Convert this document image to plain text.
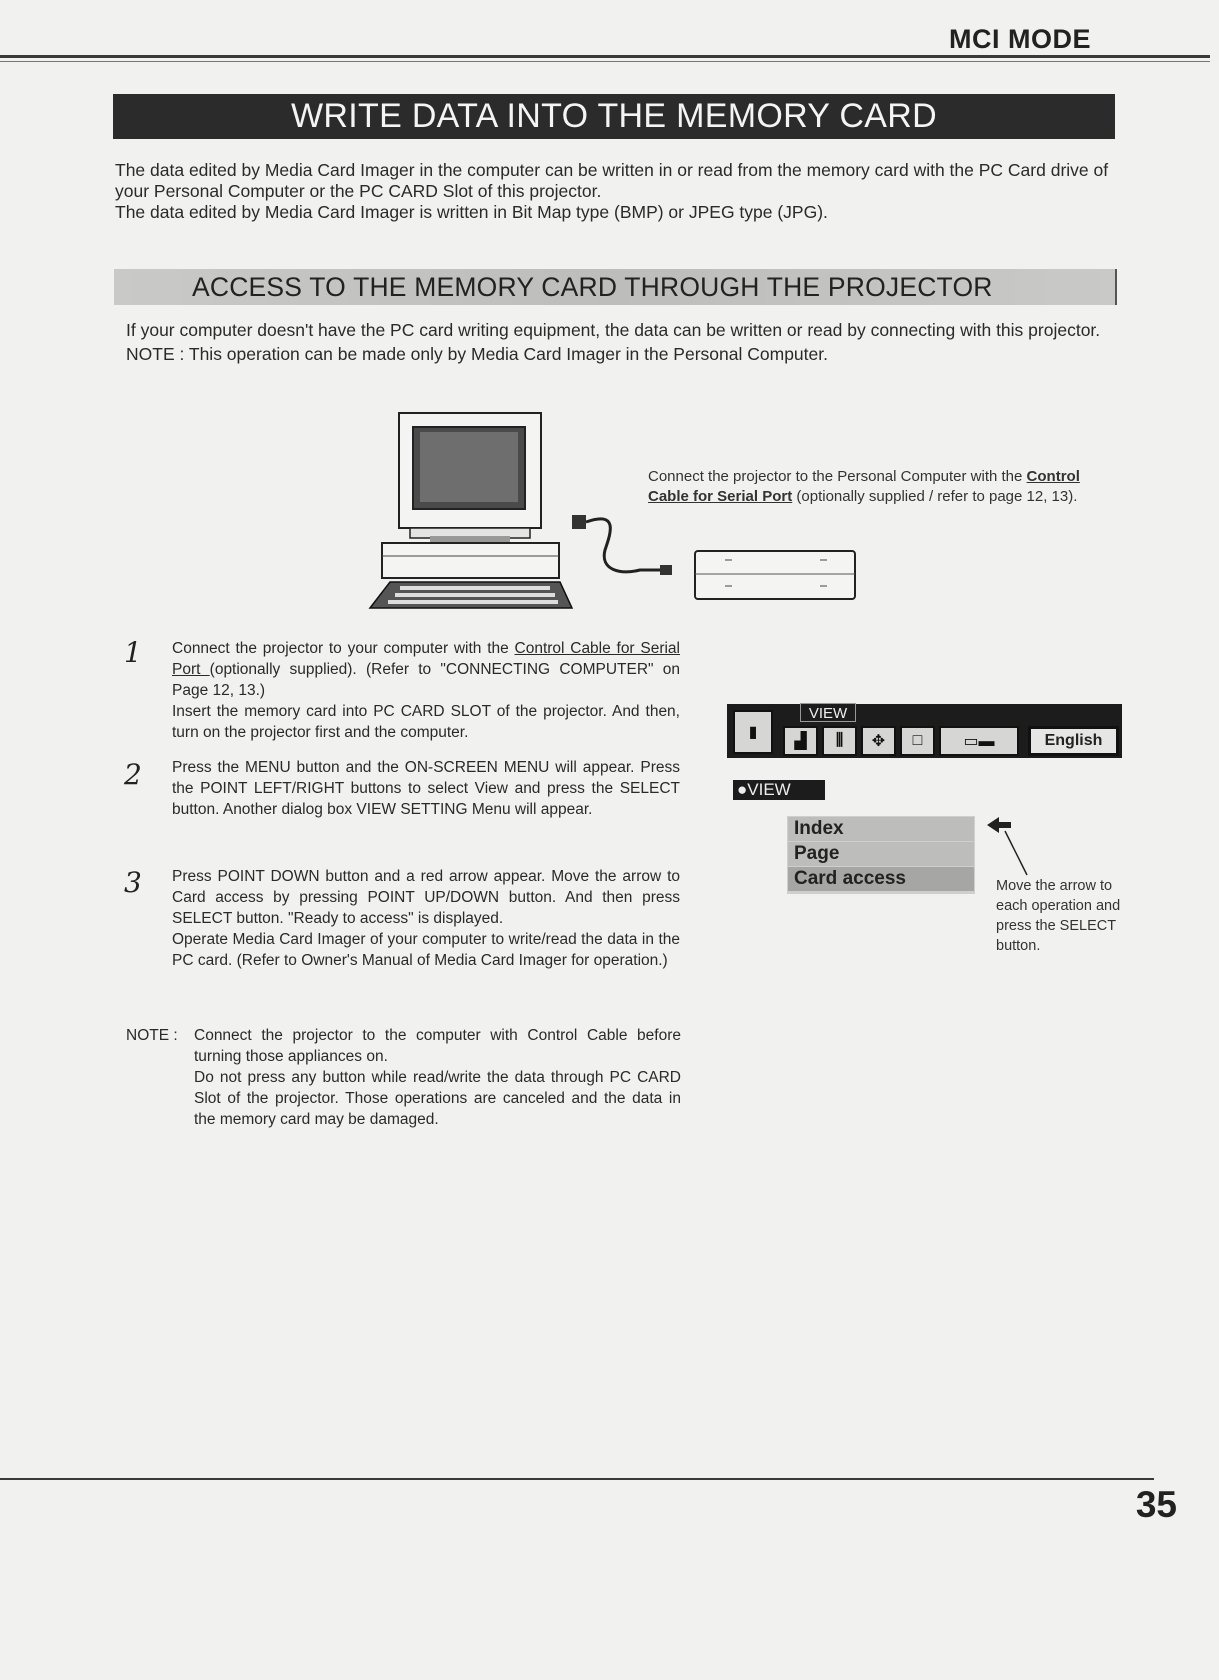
MCI MODE
WRITE DATA INTO THE MEMORY CARD

The data edited by Media Card Imager in the computer can be written in or read from the memory card with the PC Card drive of your Personal Computer or the PC CARD Slot of this projector.

The data edited by Media Card Imager is written in Bit Map type (BMP) or JPEG type (JPG).

ACCESS TO THE MEMORY CARD THROUGH THE PROJECTOR

If your computer doesn't have the PC card writing equipment, the data can be written or read by connecting with this projector.

NOTE : This operation can be made only by Media Card Imager in the Personal Computer.

Connect the projector to the Personal Computer with the Control Cable for Serial Port (optionally supplied / refer to page 12, 13).
1 Connect the projector to your computer with the Control Cable for Serial Port (optionally supplied). (Refer to "CONNECTING COMPUTER" on Page 12, 13.)

Insert the memory card into PC CARD SLOT of the projector. And then, turn on the projector first and the computer.

2 Press the MENU button and the ON-SCREEN MENU will appear. Press the POINT LEFT/RIGHT buttons to select View and press the SELECT button. Another dialog box VIEW SETTING Menu will appear.

3 Press POINT DOWN button and a red arrow appear. Move the arrow to Card access by pressing POINT UP/DOWN button. And then press SELECT button. "Ready to access" is displayed.

Operate Media Card Imager of your computer to write/read the data in the PC card. (Refer to Owner's Manual of Media Card Imager for operation.)

NOTE : Connect the projector to the computer with Control Cable before turning those appliances on.

Do not press any button while read/write the data through PC CARD Slot of the projector. Those operations are canceled and the data in the memory card may be damaged.

VIEW
▮
▟	⫼	✥	□	▭▬	English
●VIEW
Index
Page
Card access	Move the arrow to each operation and press the SELECT button.
35
